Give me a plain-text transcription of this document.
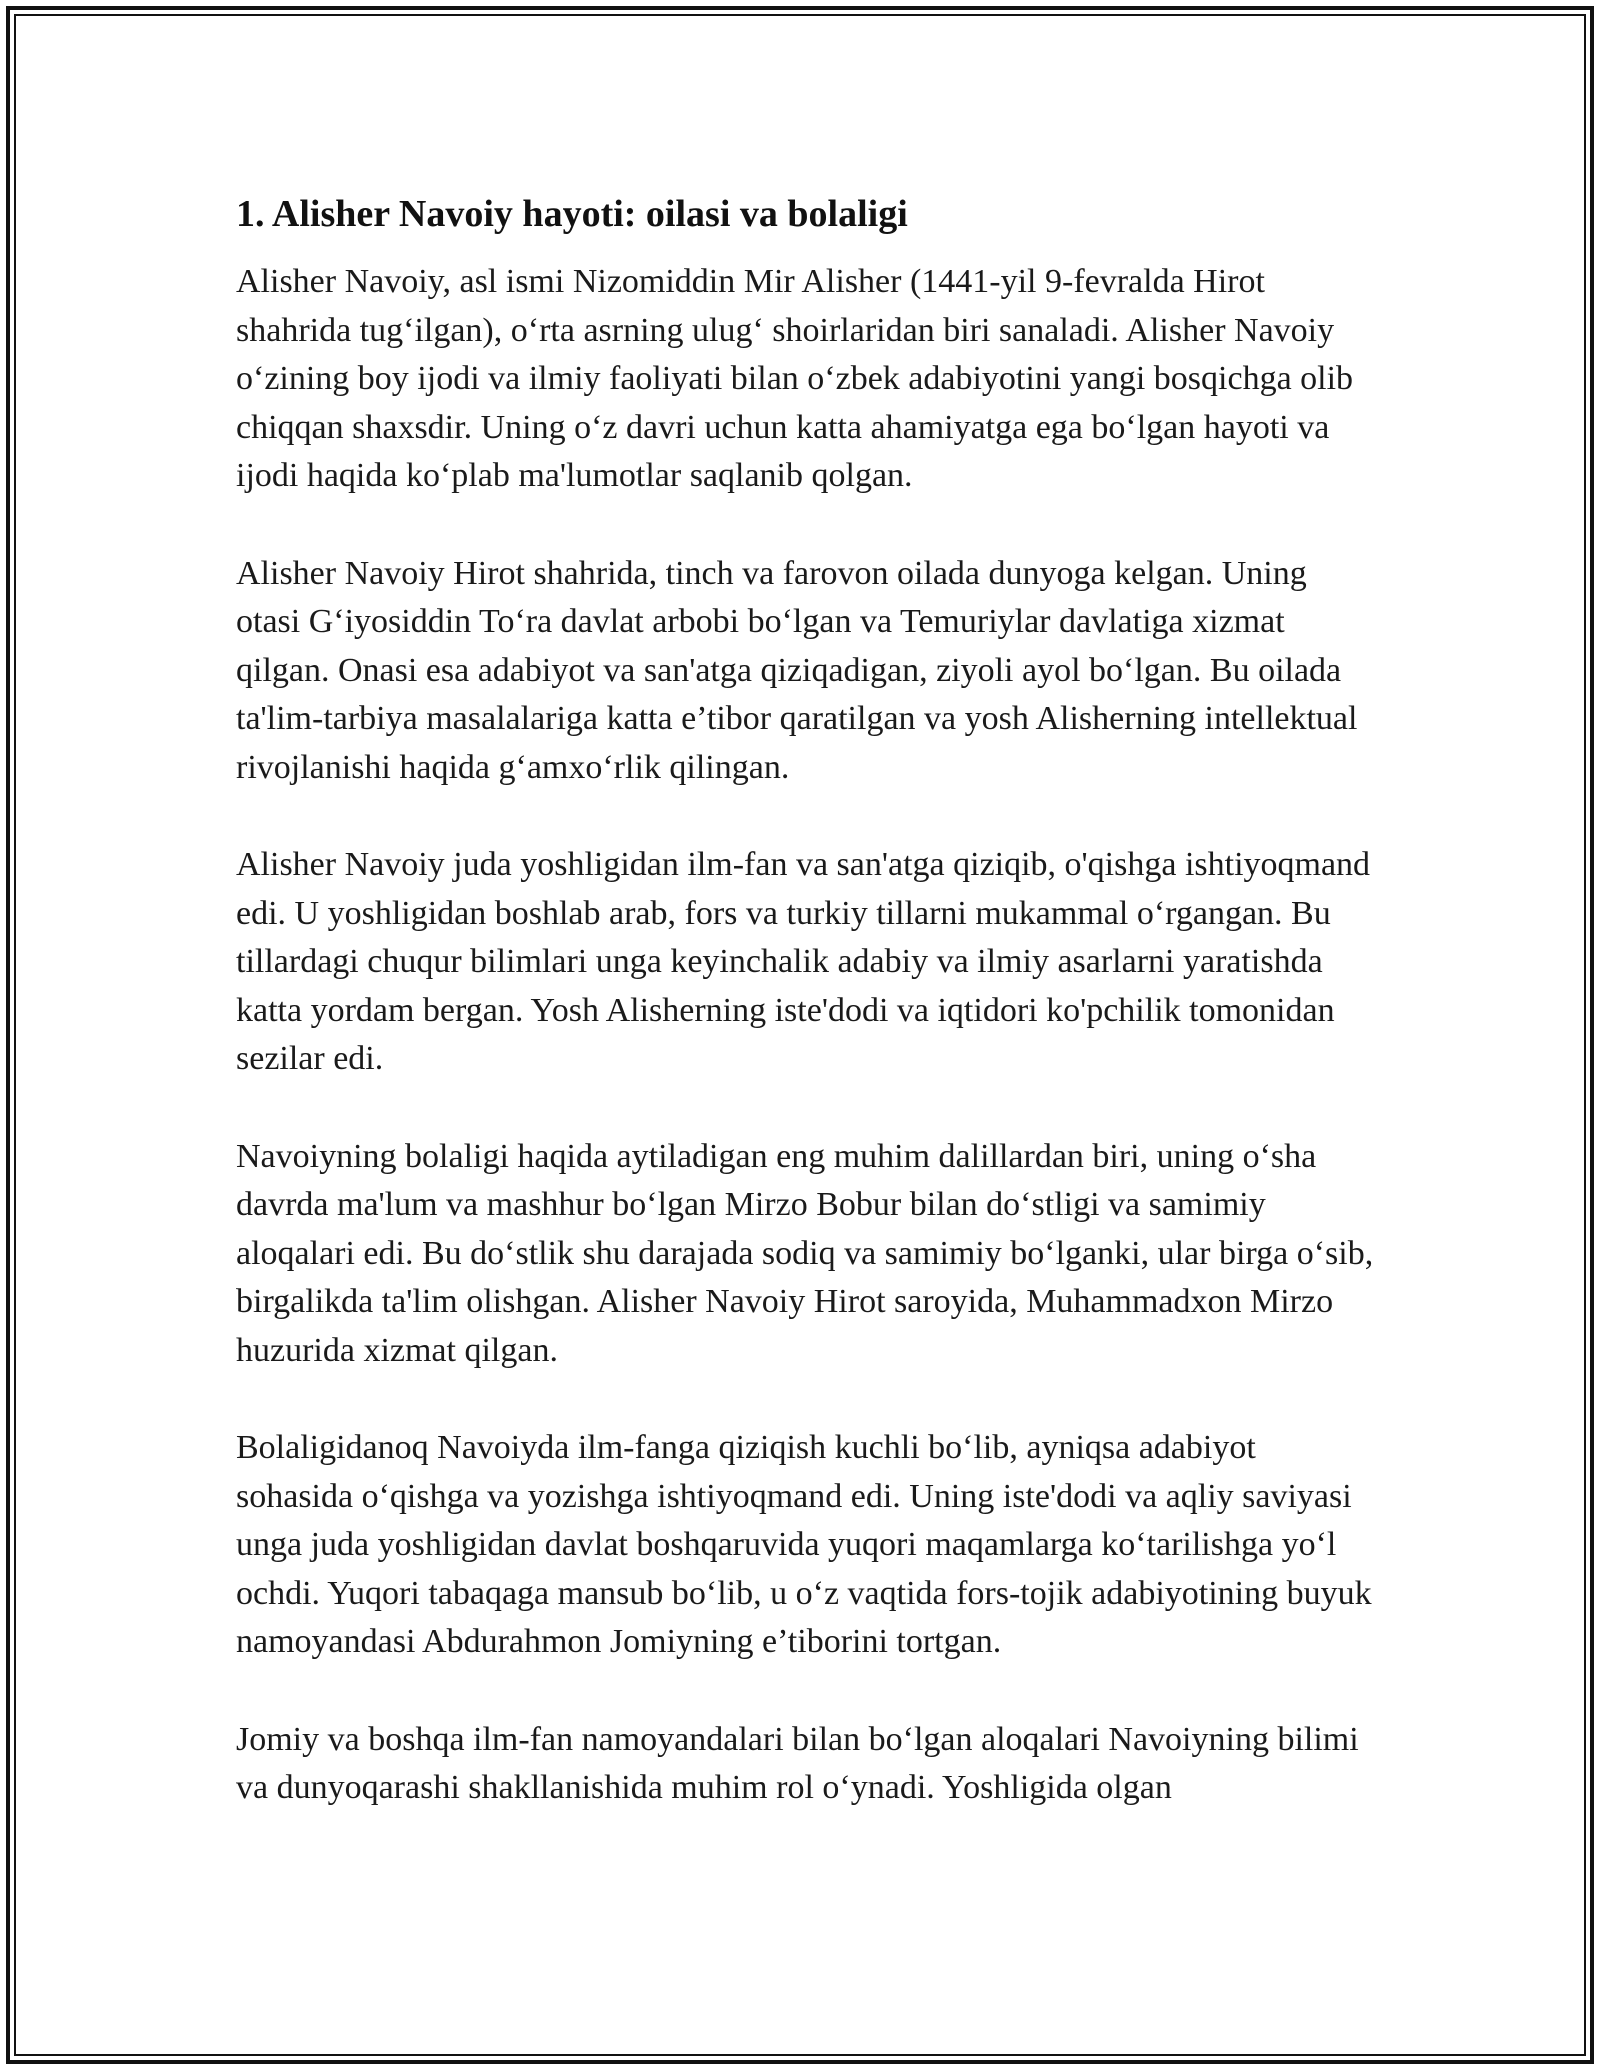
1. Alisher Navoiy hayoti: oilasi va bolaligi

Alisher Navoiy, asl ismi Nizomiddin Mir Alisher (1441-yil 9-fevralda Hirot shahrida tug‘ilgan), o‘rta asrning ulug‘ shoirlaridan biri sanaladi. Alisher Navoiy o‘zining boy ijodi va ilmiy faoliyati bilan o‘zbek adabiyotini yangi bosqichga olib chiqqan shaxsdir. Uning o‘z davri uchun katta ahamiyatga ega bo‘lgan hayoti va ijodi haqida ko‘plab ma'lumotlar saqlanib qolgan.

Alisher Navoiy Hirot shahrida, tinch va farovon oilada dunyoga kelgan. Uning otasi G‘iyosiddin To‘ra davlat arbobi bo‘lgan va Temuriylar davlatiga xizmat qilgan. Onasi esa adabiyot va san'atga qiziqadigan, ziyoli ayol bo‘lgan. Bu oilada ta'lim-tarbiya masalalariga katta e’tibor qaratilgan va yosh Alisherning intellektual rivojlanishi haqida g‘amxo‘rlik qilingan.

Alisher Navoiy juda yoshligidan ilm-fan va san'atga qiziqib, o'qishga ishtiyoqmand edi. U yoshligidan boshlab arab, fors va turkiy tillarni mukammal o‘rgangan. Bu tillardagi chuqur bilimlari unga keyinchalik adabiy va ilmiy asarlarni yaratishda katta yordam bergan. Yosh Alisherning iste'dodi va iqtidori ko'pchilik tomonidan sezilar edi.

Navoiyning bolaligi haqida aytiladigan eng muhim dalillardan biri, uning o‘sha davrda ma'lum va mashhur bo‘lgan Mirzo Bobur bilan do‘stligi va samimiy aloqalari edi. Bu do‘stlik shu darajada sodiq va samimiy bo‘lganki, ular birga o‘sib, birgalikda ta'lim olishgan. Alisher Navoiy Hirot saroyida, Muhammadxon Mirzo huzurida xizmat qilgan.

Bolaligidanoq Navoiyda ilm-fanga qiziqish kuchli bo‘lib, ayniqsa adabiyot sohasida o‘qishga va yozishga ishtiyoqmand edi. Uning iste'dodi va aqliy saviyasi unga juda yoshligidan davlat boshqaruvida yuqori maqamlarga ko‘tarilishga yo‘l ochdi. Yuqori tabaqaga mansub bo‘lib, u o‘z vaqtida fors-tojik adabiyotining buyuk namoyandasi Abdurahmon Jomiyning e’tiborini tortgan.

Jomiy va boshqa ilm-fan namoyandalari bilan bo‘lgan aloqalari Navoiyning bilimi va dunyoqarashi shakllanishida muhim rol o‘ynadi. Yoshligida olgan
